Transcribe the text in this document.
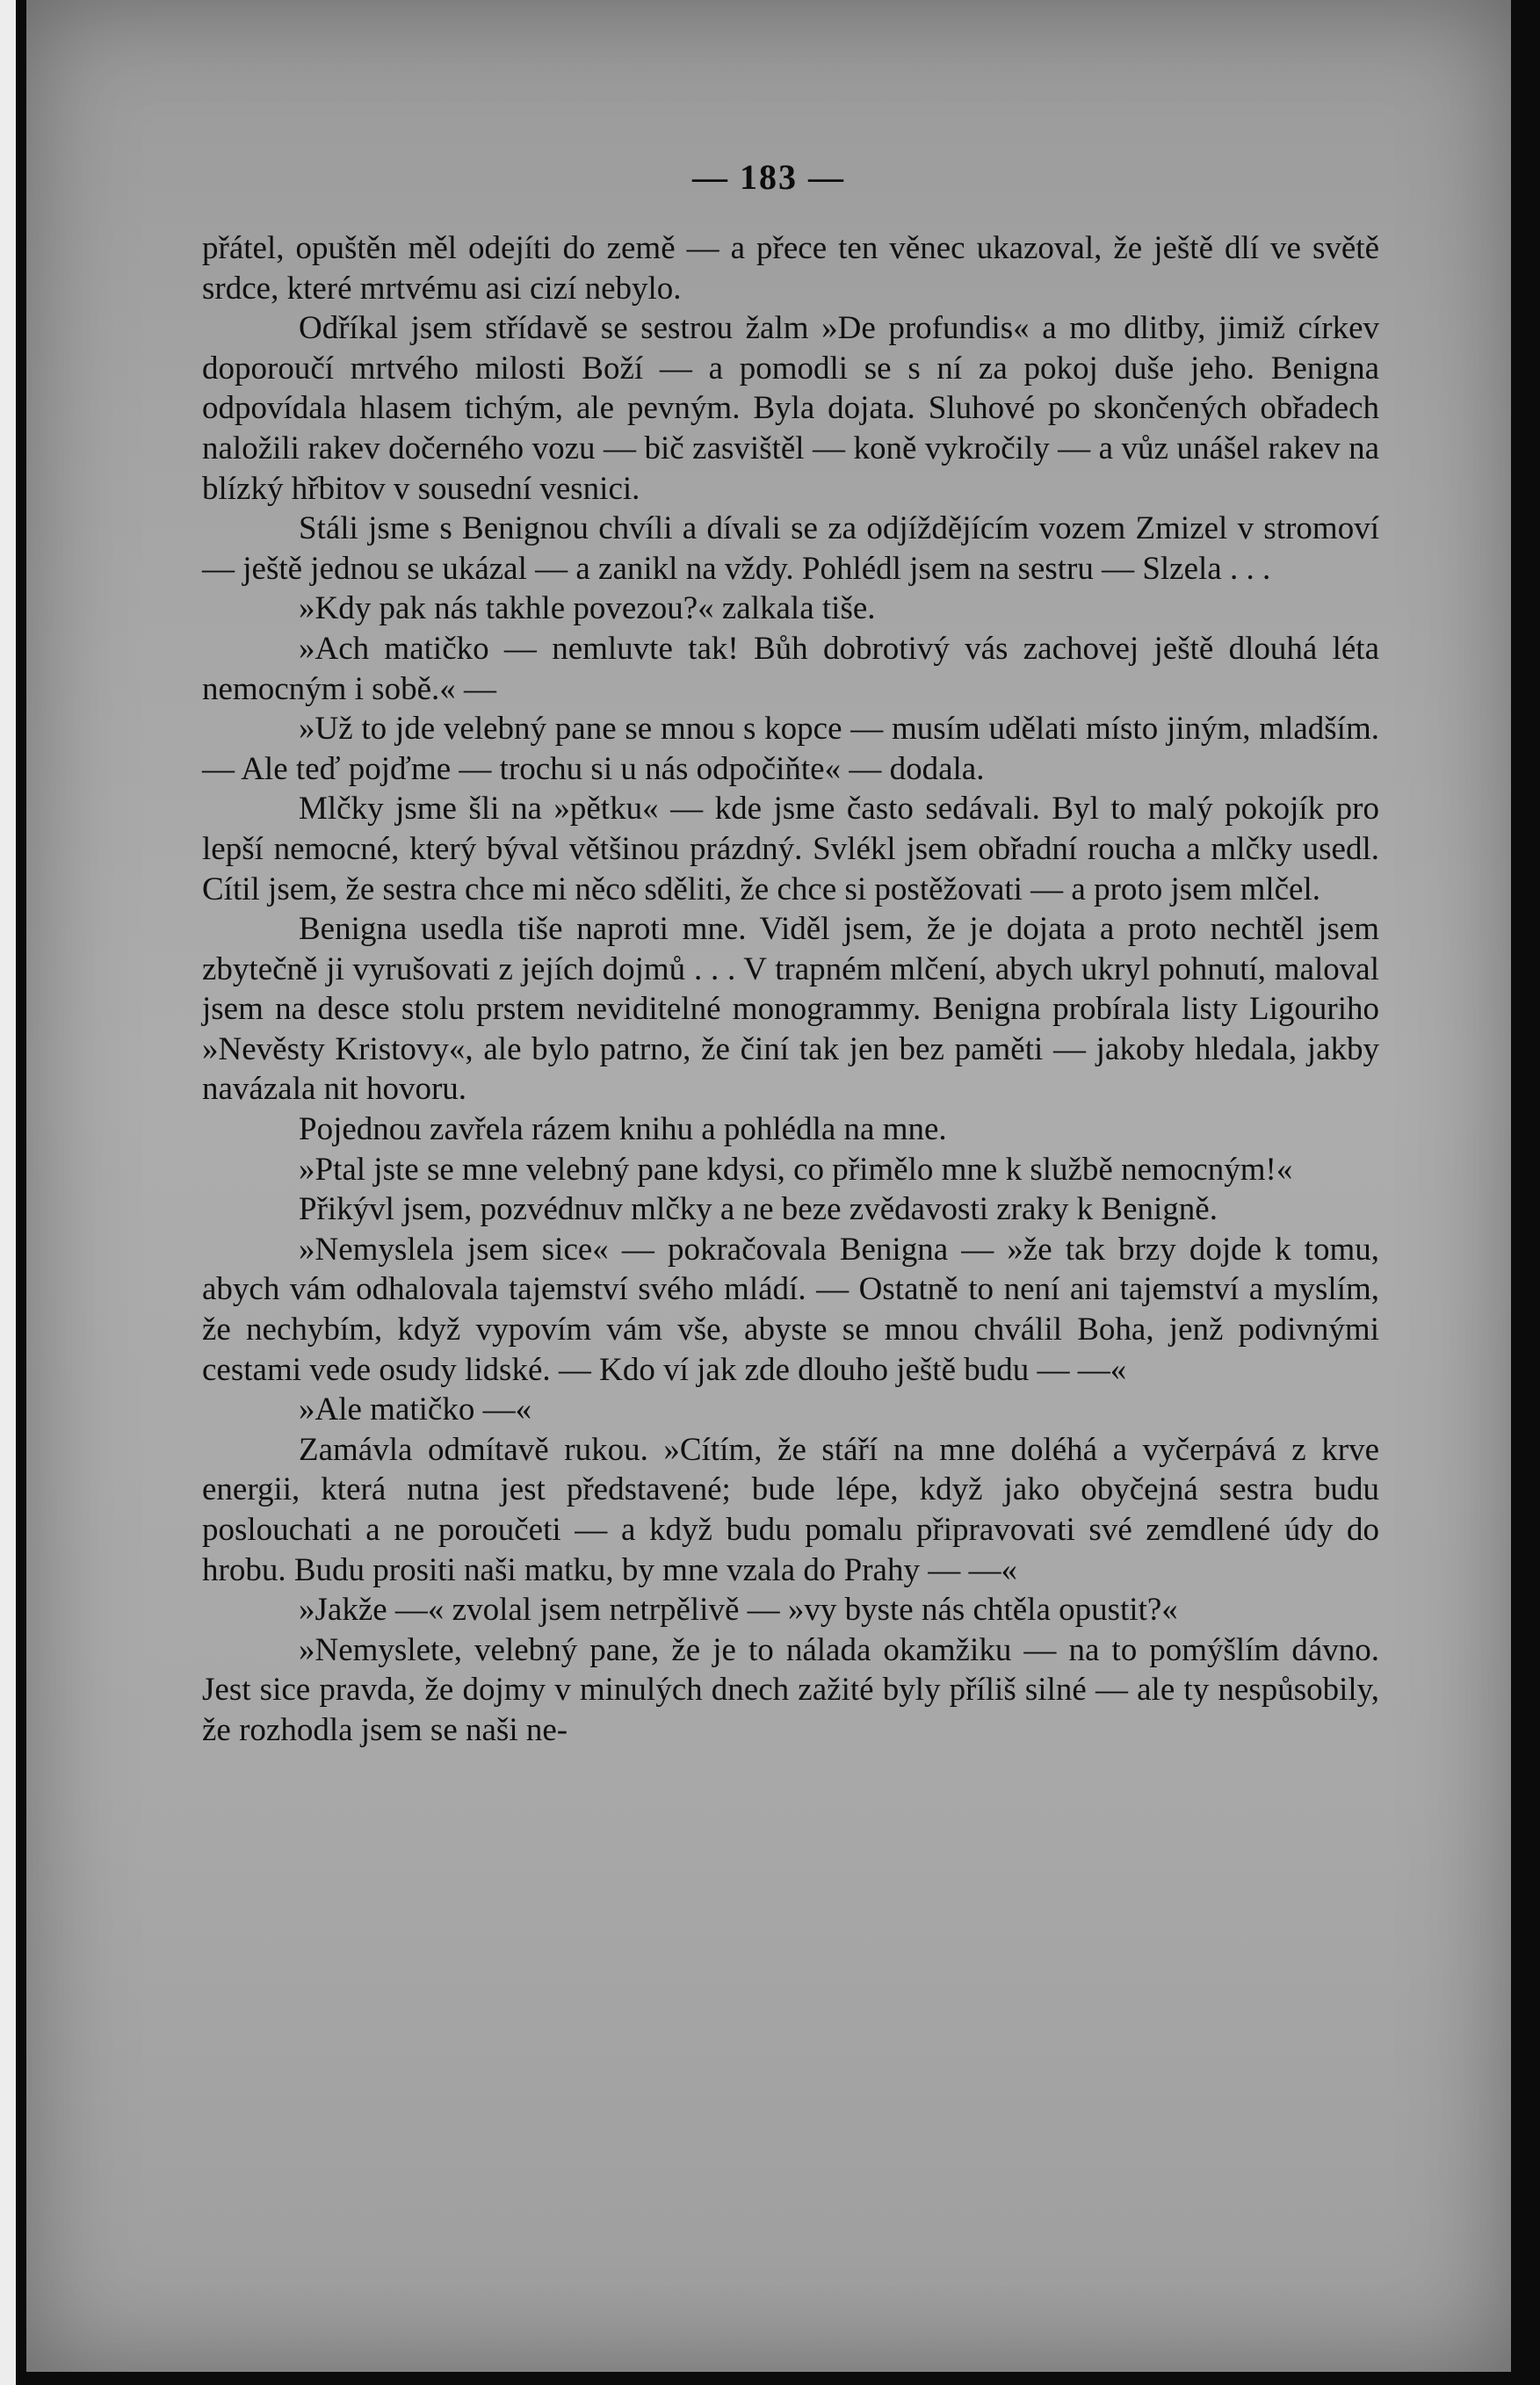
— 183 —

přátel, opuštěn měl odejíti do země — a přece ten věnec ukazoval, že ještě dlí ve světě srdce, které mrtvému asi cizí nebylo.

Odříkal jsem střídavě se sestrou žalm »De profundis« a mo dlitby, jimiž církev doporoučí mrtvého milosti Boží — a pomodli se s ní za pokoj duše jeho. Benigna odpovídala hlasem tichým, ale pevným. Byla dojata. Sluhové po skončených obřadech naložili rakev dočerného vozu — bič zasvištěl — koně vykročily — a vůz unášel rakev na blízký hřbitov v sousední vesnici.

Stáli jsme s Benignou chvíli a dívali se za odjíždějícím vozem Zmizel v stromoví — ještě jednou se ukázal — a zanikl na vždy. Pohlédl jsem na sestru — Slzela . . .

»Kdy pak nás takhle povezou?« zalkala tiše.

»Ach matičko — nemluvte tak! Bůh dobrotivý vás zachovej ještě dlouhá léta nemocným i sobě.« —

»Už to jde velebný pane se mnou s kopce — musím udělati místo jiným, mladším. — Ale teď pojďme — trochu si u nás odpočiňte« — dodala.

Mlčky jsme šli na »pětku« — kde jsme často sedávali. Byl to malý pokojík pro lepší nemocné, který býval většinou prázdný. Svlékl jsem obřadní roucha a mlčky usedl. Cítil jsem, že sestra chce mi něco sděliti, že chce si postěžovati — a proto jsem mlčel.

Benigna usedla tiše naproti mne. Viděl jsem, že je dojata a proto nechtěl jsem zbytečně ji vyrušovati z jejích dojmů . . . V trapném mlčení, abych ukryl pohnutí, maloval jsem na desce stolu prstem neviditelné monogrammy. Benigna probírala listy Ligouriho »Nevěsty Kristovy«, ale bylo patrno, že činí tak jen bez paměti — jakoby hledala, jakby navázala nit hovoru.

Pojednou zavřela rázem knihu a pohlédla na mne.

»Ptal jste se mne velebný pane kdysi, co přimělo mne k službě nemocným!«

Přikývl jsem, pozvédnuv mlčky a ne beze zvědavosti zraky k Benigně.

»Nemyslela jsem sice« — pokračovala Benigna — »že tak brzy dojde k tomu, abych vám odhalovala tajemství svého mládí. — Ostatně to není ani tajemství a myslím, že nechybím, když vypovím vám vše, abyste se mnou chválil Boha, jenž podivnými cestami vede osudy lidské. — Kdo ví jak zde dlouho ještě budu — —«

»Ale matičko —«

Zamávla odmítavě rukou. »Cítím, že stáří na mne doléhá a vyčerpává z krve energii, která nutna jest představené; bude lépe, když jako obyčejná sestra budu poslouchati a ne poroučeti — a když budu pomalu připravovati své zemdlené údy do hrobu. Budu prositi naši matku, by mne vzala do Prahy — —«

»Jakže —« zvolal jsem netrpělivě — »vy byste nás chtěla opustit?«

»Nemyslete, velebný pane, že je to nálada okamžiku — na to pomýšlím dávno. Jest sice pravda, že dojmy v minulých dnech zažité byly příliš silné — ale ty nespůsobily, že rozhodla jsem se naši ne-
